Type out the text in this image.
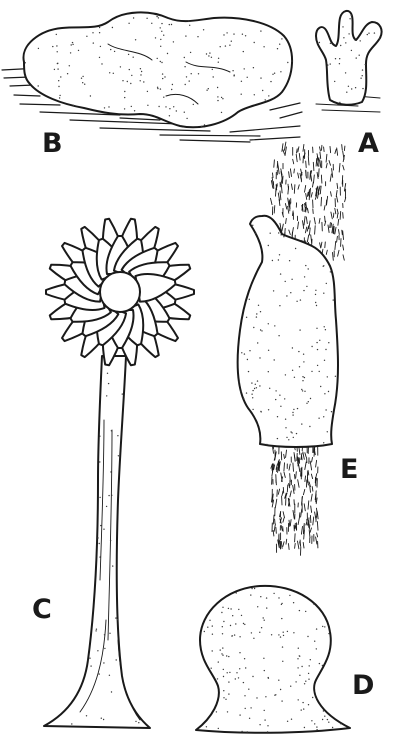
B	A
C
E
D
